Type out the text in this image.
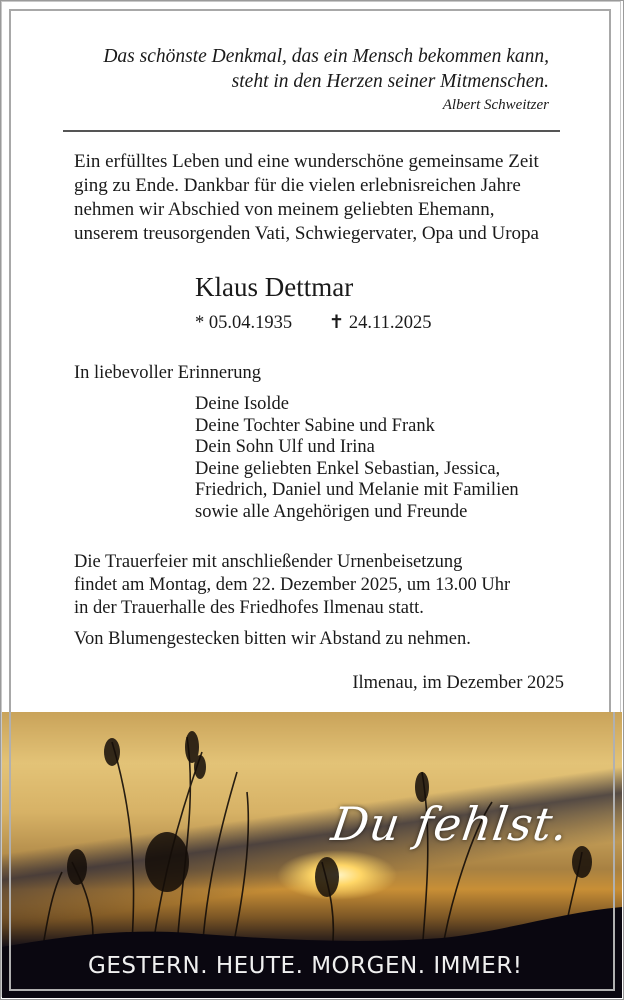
Das schönste Denkmal, das ein Mensch bekommen kann,
steht in den Herzen seiner Mitmenschen.
Albert Schweitzer
Ein erfülltes Leben und eine wunderschöne gemeinsame Zeit
ging zu Ende. Dankbar für die vielen erlebnisreichen Jahre
nehmen wir Abschied von meinem geliebten Ehemann,
unserem treusorgenden Vati, Schwiegervater, Opa und Uropa
Klaus Dettmar
* 05.04.1935 ✝ 24.11.2025
In liebevoller Erinnerung
Deine Isolde
Deine Tochter Sabine und Frank
Dein Sohn Ulf und Irina
Deine geliebten Enkel Sebastian, Jessica,
Friedrich, Daniel und Melanie mit Familien
sowie alle Angehörigen und Freunde
Die Trauerfeier mit anschließender Urnenbeisetzung
findet am Montag, dem 22. Dezember 2025, um 13.00 Uhr
in der Trauerhalle des Friedhofes Ilmenau statt.
Von Blumengestecken bitten wir Abstand zu nehmen.
Ilmenau, im Dezember 2025
Du fehlst.
GESTERN. HEUTE. MORGEN. IMMER!
